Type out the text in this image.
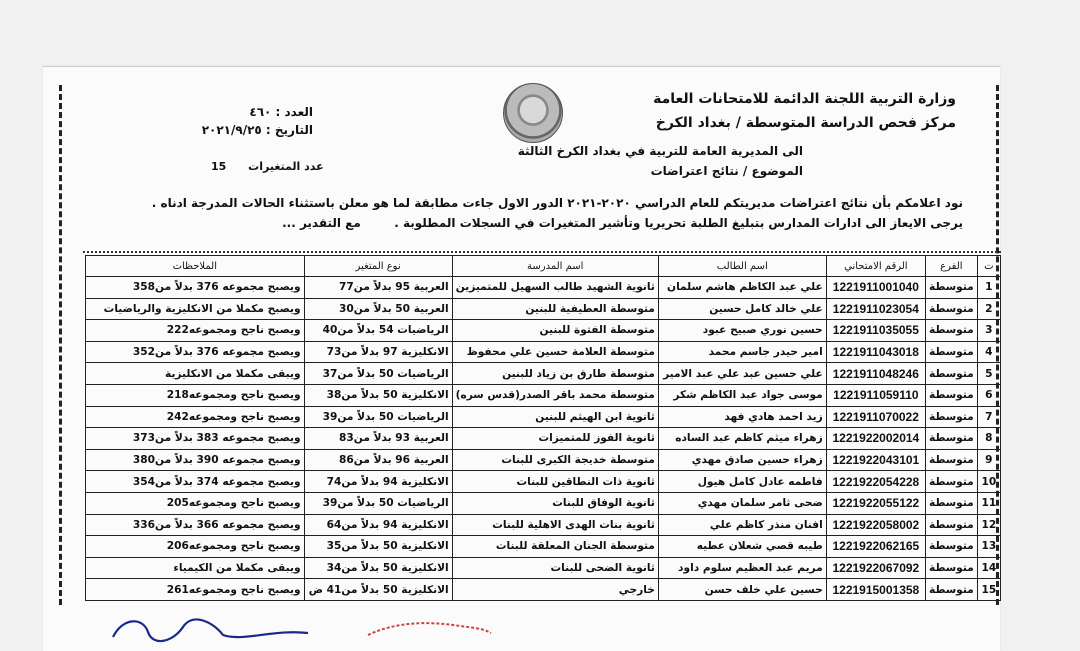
وزارة التربية اللجنة الدائمة للامتحانات العامة
مركز فحص الدراسة المتوسطة / بغداد الكرخ
العدد : ٤٦٠
التاريخ : ٢٠٢١/٩/٢٥
الى المديرية العامة للتربية في بغداد الكرخ الثالثة
الموضوع / نتائج اعتراضات
عدد المتغيرات 15
نود اعلامكم بأن نتائج اعتراضات مديريتكم للعام الدراسي ٢٠٢٠-٢٠٢١ الدور الاول جاءت مطابقة لما هو معلن باستثناء الحالات المدرجة ادناه .
يرجى الايعاز الى ادارات المدارس بتبليغ الطلبة تحريريا وتأشير المتغيرات في السجلات المطلوبة .        مع التقدير ...
ت	الفرع	الرقم الامتحاني	اسم الطالب	اسم المدرسة	نوع المتغير	الملاحظات
1	متوسطة	1221911001040	علي عبد الكاظم هاشم سلمان	ثانوية الشهيد طالب السهيل للمتميزين	العربية 95 بدلاً من77	ويصبح مجموعه 376 بدلاً من358
2	متوسطة	1221911023054	علي خالد كامل حسين	متوسطة العطيفية للبنين	العربية 50 بدلاً من30	ويصبح مكملا من الانكليزية والرياضيات
3	متوسطة	1221911035055	حسين نوري صبيح عبود	متوسطة الفتوة للبنين	الرياضيات 54 بدلاً من40	ويصبح ناجح ومجموعه222
4	متوسطة	1221911043018	امير حيدر جاسم محمد	متوسطة العلامة حسين علي محفوظ	الانكليزية 97 بدلاً من73	ويصبح مجموعه 376 بدلاً من352
5	متوسطة	1221911048246	علي حسين عبد علي عبد الامير	متوسطة طارق بن زياد للبنين	الرياضيات 50 بدلاً من37	ويبقى مكملا من الانكليزية
6	متوسطة	1221911059110	موسى جواد عبد الكاظم شكر	متوسطة محمد باقر الصدر(قدس سره)	الانكليزية 50 بدلاً من38	ويصبح ناجح ومجموعه218
7	متوسطة	1221911070022	زيد احمد هادي فهد	ثانوية ابن الهيثم للبنين	الرياضيات 50 بدلاً من39	ويصبح ناجح ومجموعه242
8	متوسطة	1221922002014	زهراء ميثم كاظم عبد الساده	ثانوية الفوز للمتميزات	العربية 93 بدلاً من83	ويصبح مجموعه 383 بدلاً من373
9	متوسطة	1221922043101	زهراء حسين صادق مهدي	متوسطة خديجة الكبرى للبنات	العربية 96 بدلاً من86	ويصبح مجموعه 390 بدلاً من380
10	متوسطة	1221922054228	فاطمه عادل كامل هيول	ثانوية ذات النطاقين للبنات	الانكليزية 94 بدلاً من74	ويصبح مجموعه 374 بدلاً من354
11	متوسطة	1221922055122	ضحى ثامر سلمان مهدي	ثانوية الوفاق للبنات	الرياضيات 50 بدلاً من39	ويصبح ناجح ومجموعه205
12	متوسطة	1221922058002	افنان منذر كاظم علي	ثانوية بنات الهدى الاهلية للبنات	الانكليزية 94 بدلاً من64	ويصبح مجموعه 366 بدلاً من336
13	متوسطة	1221922062165	طيبه قصي شعلان عطيه	متوسطة الجنان المعلقة للبنات	الانكليزية 50 بدلاً من35	ويصبح ناجح ومجموعه206
14	متوسطة	1221922067092	مريم عبد العظيم سلوم داود	ثانوية الضحى للبنات	الانكليزية 50 بدلاً من34	ويبقى مكملا من الكيمياء
15	متوسطة	1221915001358	حسين علي خلف حسن	خارجي	الانكليزية 50 بدلاً من41 ض	ويصبح ناجح ومجموعه261
